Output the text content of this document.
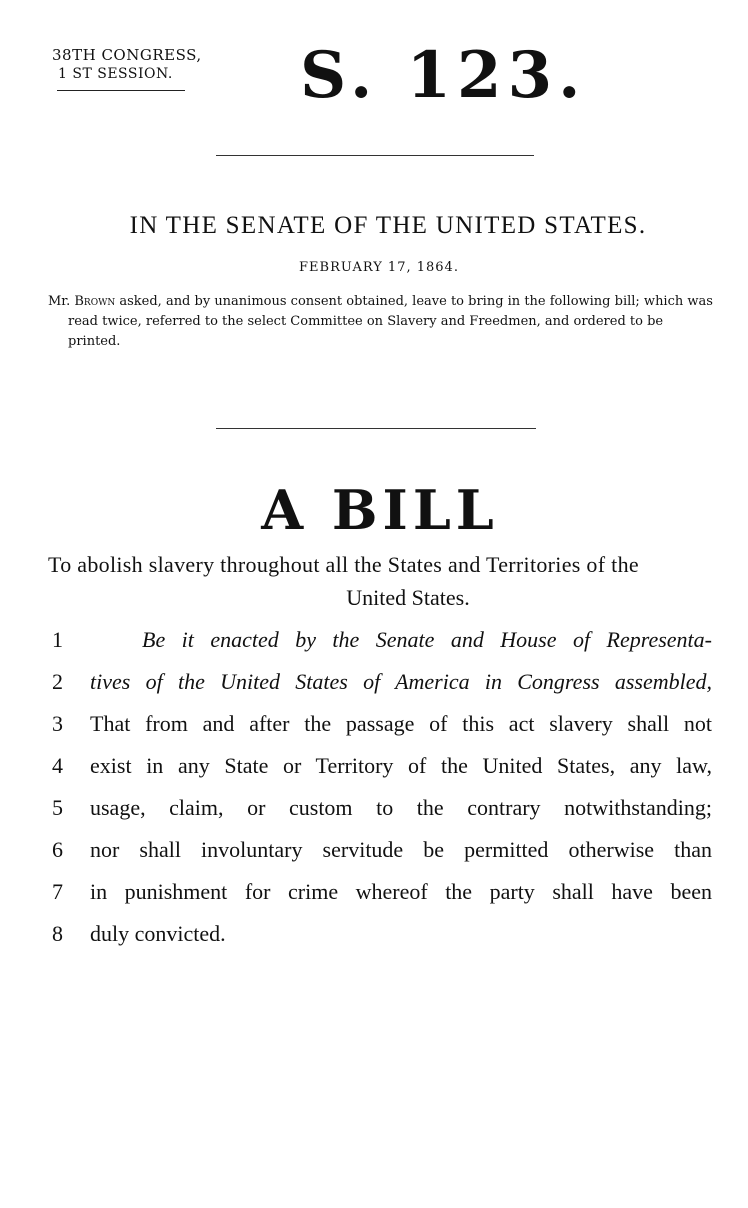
38TH CONGRESS,
1 ST SESSION. S. 123.
IN THE SENATE OF THE UNITED STATES.
FEBRUARY 17, 1864.

Mr. Brown asked, and by unanimous consent obtained, leave to bring in the following bill; which was read twice, referred to the select Committee on Slavery and Freedmen, and ordered to be printed.

A BILL
To abolish slavery throughout all the States and Territories of the
United States.
1	Be it enacted by the Senate and House of Representa-
2	tives of the United States of America in Congress assembled,
3	That from and after the passage of this act slavery shall not
4	exist in any State or Territory of the United States, any law,
5	usage, claim, or custom to the contrary notwithstanding;
6	nor shall involuntary servitude be permitted otherwise than
7	in punishment for crime whereof the party shall have been
8	duly convicted.
